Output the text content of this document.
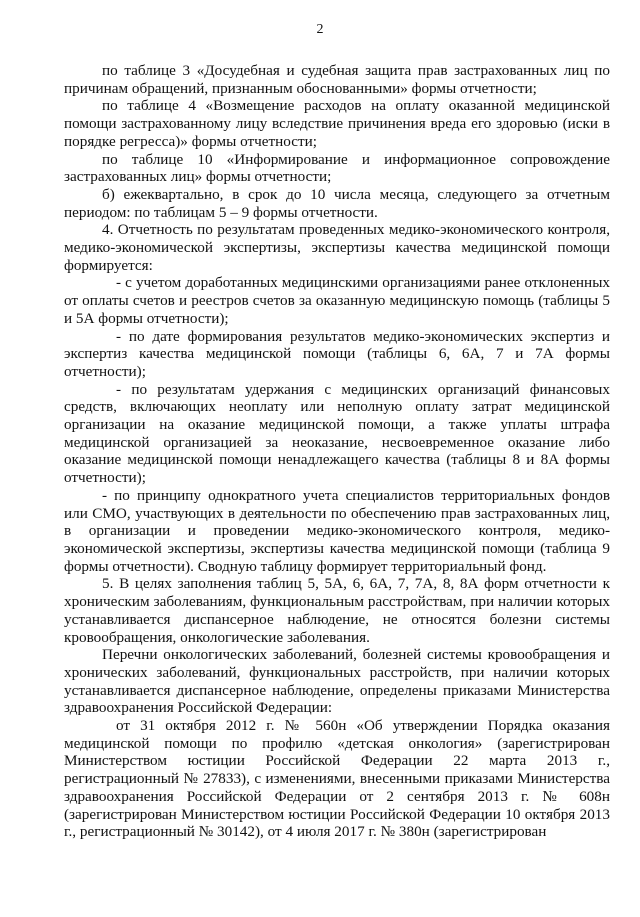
2

по таблице 3 «Досудебная и судебная защита прав застрахованных лиц по причинам обращений, признанным обоснованными» формы отчетности;

по таблице 4 «Возмещение расходов на оплату оказанной медицинской помощи застрахованному лицу вследствие причинения вреда его здоровью (иски в порядке регресса)» формы отчетности;

по таблице 10 «Информирование и информационное сопровождение застрахованных лиц» формы отчетности;

б) ежеквартально, в срок до 10 числа месяца, следующего за отчетным периодом: по таблицам 5 – 9 формы отчетности.

4. Отчетность по результатам проведенных медико-экономического контроля, медико-экономической экспертизы, экспертизы качества медицинской помощи формируется:

- с учетом доработанных медицинскими организациями ранее отклоненных от оплаты счетов и реестров счетов за оказанную медицинскую помощь (таблицы 5 и 5А формы отчетности);

- по дате формирования результатов медико-экономических экспертиз и экспертиз качества медицинской помощи (таблицы 6, 6А, 7 и 7А формы отчетности);

- по результатам удержания с медицинских организаций финансовых средств, включающих неоплату или неполную оплату затрат медицинской организации на оказание медицинской помощи, а также уплаты штрафа медицинской организацией за неоказание, несвоевременное оказание либо оказание медицинской помощи ненадлежащего качества (таблицы 8 и 8А формы отчетности);

- по принципу однократного учета специалистов территориальных фондов или СМО, участвующих в деятельности по обеспечению прав застрахованных лиц, в организации и проведении медико-экономического контроля, медико-экономической экспертизы, экспертизы качества медицинской помощи (таблица 9 формы отчетности). Сводную таблицу формирует территориальный фонд.

5. В целях заполнения таблиц 5, 5А, 6, 6А, 7, 7А, 8, 8А форм отчетности к хроническим заболеваниям, функциональным расстройствам, при наличии которых устанавливается диспансерное наблюдение, не относятся болезни системы кровообращения, онкологические заболевания.

Перечни онкологических заболеваний, болезней системы кровообращения и хронических заболеваний, функциональных расстройств, при наличии которых устанавливается диспансерное наблюдение, определены приказами Министерства здравоохранения Российской Федерации:

от 31 октября 2012 г. № 560н «Об утверждении Порядка оказания медицинской помощи по профилю «детская онкология» (зарегистрирован Министерством юстиции Российской Федерации 22 марта 2013 г., регистрационный № 27833), с изменениями, внесенными приказами Министерства здравоохранения Российской Федерации от 2 сентября 2013 г. № 608н (зарегистрирован Министерством юстиции Российской Федерации 10 октября 2013 г., регистрационный № 30142), от 4 июля 2017 г. № 380н (зарегистрирован
